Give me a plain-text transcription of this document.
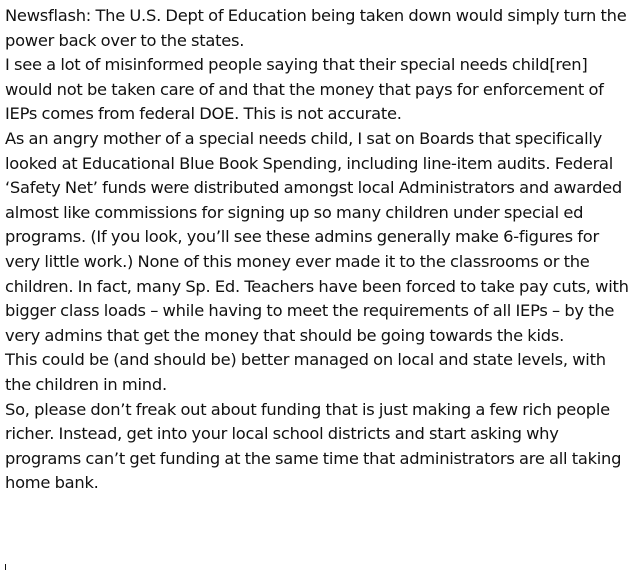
Newsflash: The U.S. Dept of Education being taken down would simply turn the power back over to the states.

I see a lot of misinformed people saying that their special needs child[ren] would not be taken care of and that the money that pays for enforcement of IEPs comes from federal DOE. This is not accurate.

As an angry mother of a special needs child, I sat on Boards that specifically looked at Educational Blue Book Spending, including line-item audits. Federal ‘Safety Net’ funds were distributed amongst local Administrators and awarded almost like commissions for signing up so many children under special ed programs. (If you look, you’ll see these admins generally make 6-figures for very little work.) None of this money ever made it to the classrooms or the children. In fact, many Sp. Ed. Teachers have been forced to take pay cuts, with bigger class loads – while having to meet the requirements of all IEPs – by the very admins that get the money that should be going towards the kids.

This could be (and should be) better managed on local and state levels, with the children in mind.

So, please don’t freak out about funding that is just making a few rich people richer. Instead, get into your local school districts and start asking why programs can’t get funding at the same time that administrators are all taking home bank.
